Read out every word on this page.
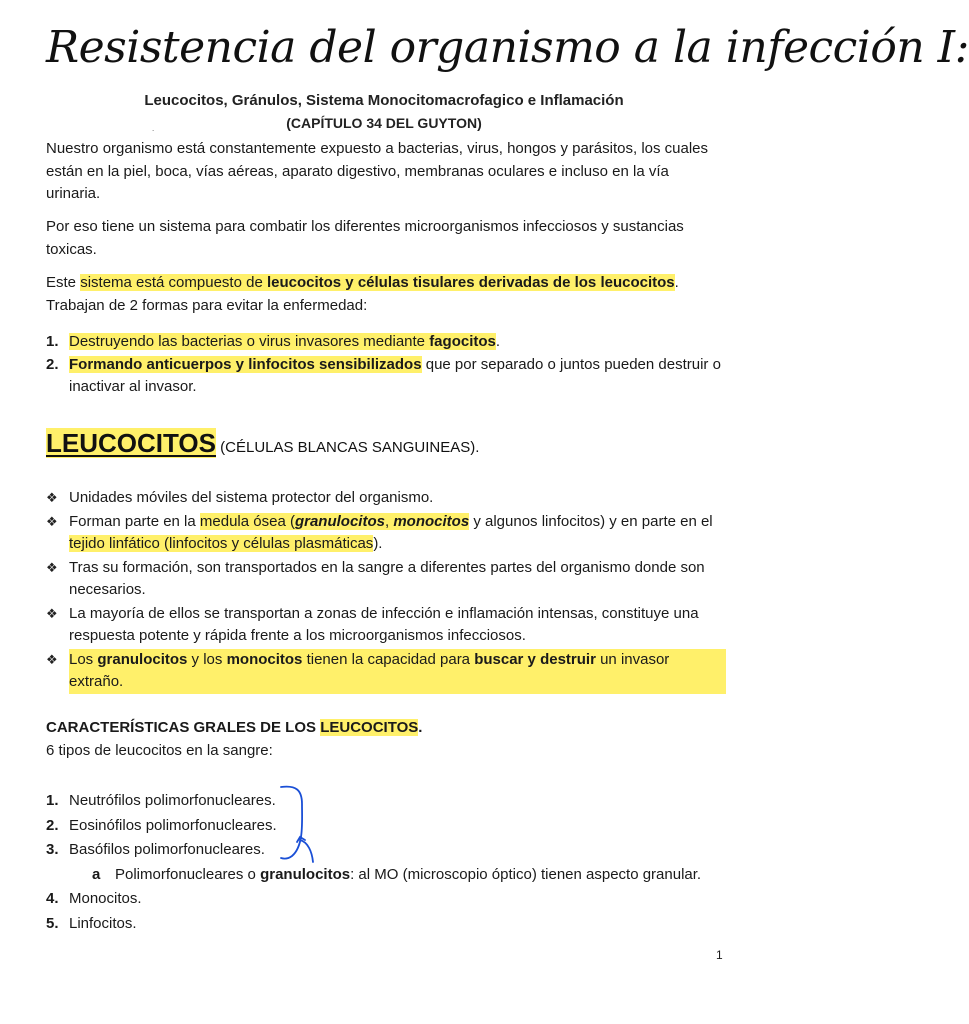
Resistencia del organismo a la infección I:
Leucocitos, Gránulos, Sistema Monocitomacrofagico e Inflamación
(CAPÍTULO 34 DEL GUYTON)
.
Nuestro organismo está constantemente expuesto a bacterias, virus, hongos y parásitos, los cuales están en la piel, boca, vías aéreas, aparato digestivo, membranas oculares e incluso en la vía urinaria.
Por eso tiene un sistema para combatir los diferentes microorganismos infecciosos y sustancias toxicas.
Este sistema está compuesto de leucocitos y células tisulares derivadas de los leucocitos.
Trabajan de 2 formas para evitar la enfermedad:
1. Destruyendo las bacterias o virus invasores mediante fagocitos.
2. Formando anticuerpos y linfocitos sensibilizados que por separado o juntos pueden destruir o inactivar al invasor.
LEUCOCITOS (CÉLULAS BLANCAS SANGUINEAS).
❖ Unidades móviles del sistema protector del organismo.
❖ Forman parte en la medula ósea (granulocitos, monocitos y algunos linfocitos) y en parte en el tejido linfático (linfocitos y células plasmáticas).
❖ Tras su formación, son transportados en la sangre a diferentes partes del organismo donde son necesarios.
❖ La mayoría de ellos se transportan a zonas de infección e inflamación intensas, constituye una respuesta potente y rápida frente a los microorganismos infecciosos.
❖ Los granulocitos y los monocitos tienen la capacidad para buscar y destruir un invasor extraño.
CARACTERÍSTICAS GRALES DE LOS LEUCOCITOS.
6 tipos de leucocitos en la sangre:
1. Neutrófilos polimorfonucleares.
2. Eosinófilos polimorfonucleares.
3. Basófilos polimorfonucleares.
a Polimorfonucleares o granulocitos: al MO (microscopio óptico) tienen aspecto granular.
4. Monocitos.
5. Linfocitos.
1
